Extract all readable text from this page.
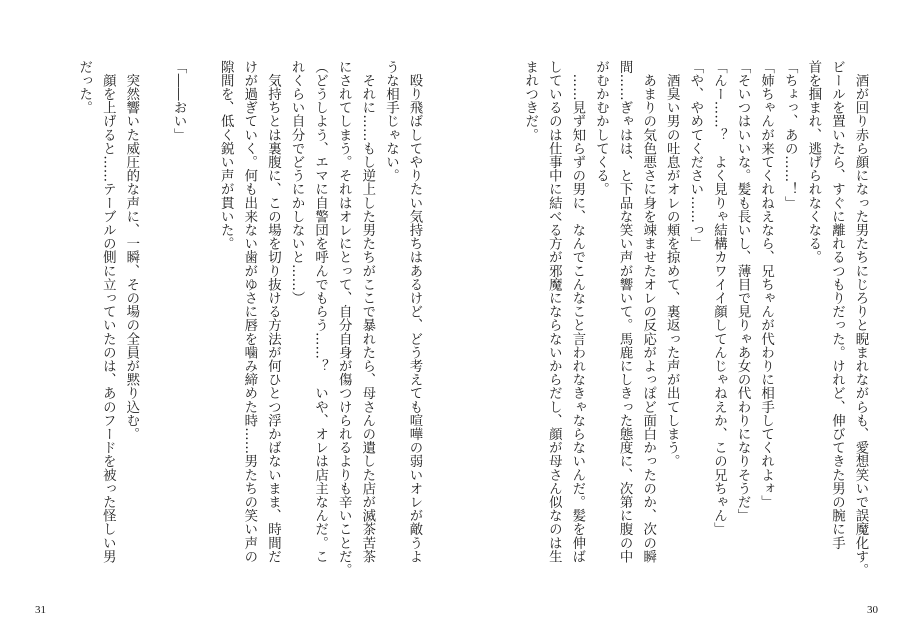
　酒が回り赤ら顔になった男たちにじろりと睨まれながらも、愛想笑いで誤魔化す。
ビールを置いたら、すぐに離れるつもりだった。けれど、伸びてきた男の腕に手
首を掴まれ、逃げられなくなる。
「ちょっ、あの……！」
「姉ちゃんが来てくれねえなら、兄ちゃんが代わりに相手してくれよォ」
「そいつはいいな。髪も長いし、薄目で見りゃあ女の代わりになりそうだ」
「んー……？　よく見りゃ結構カワイイ顔してんじゃねえか、この兄ちゃん」
「や、やめてください……っ」
　酒臭い男の吐息がオレの頬を掠めて、裏返った声が出てしまう。
　あまりの気色悪さに身を竦ませたオレの反応がよっぽど面白かったのか、次の瞬
間……ぎゃはは、と下品な笑い声が響いて。馬鹿にしきった態度に、次第に腹の中
がむかむかしてくる。
　……見ず知らずの男に、なんでこんなこと言われなきゃならないんだ。髪を伸ば
しているのは仕事中に結べる方が邪魔にならないからだし、顔が母さん似なのは生
まれつきだ。
30
　殴り飛ばしてやりたい気持ちはあるけど、どう考えても喧嘩の弱いオレが敵うよ
うな相手じゃない。
　それに……もし逆上した男たちがここで暴れたら、母さんの遺した店が滅茶苦茶
にされてしまう。それはオレにとって、自分自身が傷つけられるよりも辛いことだ。
（どうしよう、エマに自警団を呼んでもらう……？　いや、オレは店主なんだ。こ
れくらい自分でどうにかしないと……）
　気持ちとは裏腹に、この場を切り抜ける方法が何ひとつ浮かばないまま、時間だ
けが過ぎていく。何も出来ない歯がゆさに唇を噛み締めた時……男たちの笑い声の
隙間を、低く鋭い声が貫いた。

「――おい」

　突然響いた威圧的な声に、一瞬、その場の全員が黙り込む。
　顔を上げると……テーブルの側に立っていたのは、あのフードを被った怪しい男
だった。
31
